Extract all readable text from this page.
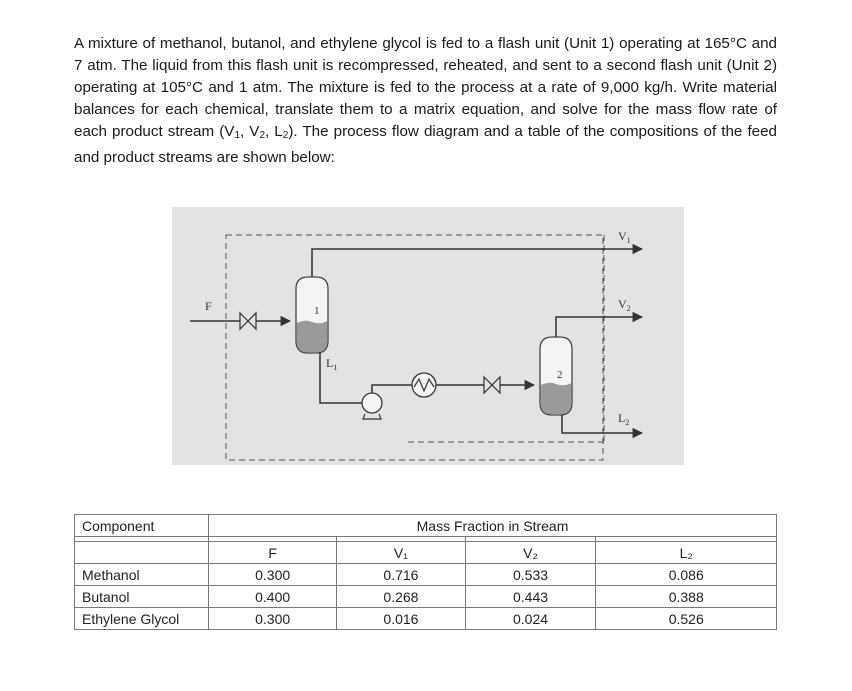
A mixture of methanol, butanol, and ethylene glycol is fed to a flash unit (Unit 1) operating at 165°C and 7 atm. The liquid from this flash unit is recompressed, reheated, and sent to a second flash unit (Unit 2) operating at 105°C and 1 atm. The mixture is fed to the process at a rate of 9,000 kg/h. Write material balances for each chemical, translate them to a matrix equation, and solve for the mass flow rate of each product stream ($V_1$, $V_2$, $L_2$). The process flow diagram and a table of the compositions of the feed and product streams are shown below:

F	1
2
$V_1$
$V_2$
$L_1$
$L_2$
Component	Mass Fraction in Stream			

	F	V₁	V₂	L₂
Methanol	0.300	0.716	0.533	0.086
Butanol	0.400	0.268	0.443	0.388
Ethylene Glycol	0.300	0.016	0.024	0.526
